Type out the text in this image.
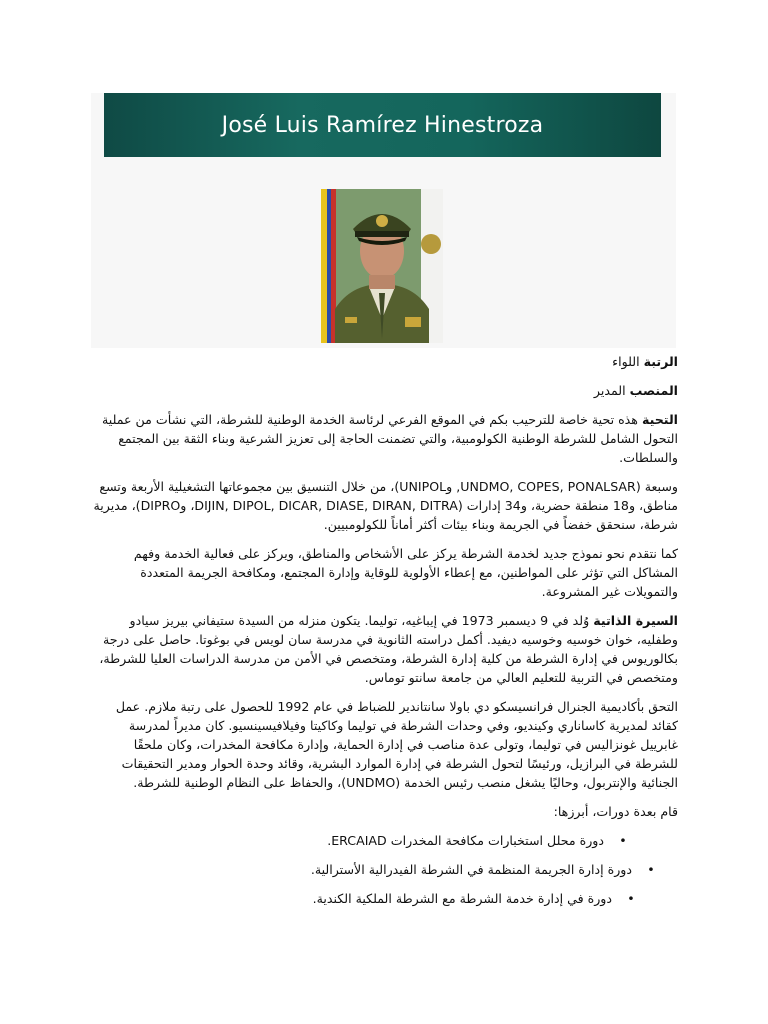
José Luis Ramírez Hinestroza

الرتبة اللواء

المنصب المدير

التحية هذه تحية خاصة للترحيب بكم في الموقع الفرعي لرئاسة الخدمة الوطنية للشرطة، التي نشأت من عملية التحول الشامل للشرطة الوطنية الكولومبية، والتي تضمنت الحاجة إلى تعزيز الشرعية وبناء الثقة بين المجتمع والسلطات.

وسبعة (UNDMO, COPES, PONALSAR, وUNIPOL)، من خلال التنسيق بين مجموعاتها التشغيلية الأربعة وتسع مناطق، و18 منطقة حضرية، و34 إدارات (DIJIN, DIPOL, DICAR, DIASE, DIRAN, DITRA، وDIPRO)، مديرية شرطة، سنحقق خفضاً في الجريمة وبناء بيئات أكثر أماناً للكولومبيين.

كما نتقدم نحو نموذج جديد لخدمة الشرطة يركز على الأشخاص والمناطق، ويركز على فعالية الخدمة وفهم المشاكل التي تؤثر على المواطنين، مع إعطاء الأولوية للوقاية وإدارة المجتمع، ومكافحة الجريمة المتعددة والتمويلات غير المشروعة.

السيرة الذاتية وُلد في 9 ديسمبر 1973 في إيباغيه، توليما. يتكون منزله من السيدة ستيفاني بيريز سيادو وطفليه، خوان خوسيه وخوسيه ديفيد. أكمل دراسته الثانوية في مدرسة سان لويس في بوغوتا. حاصل على درجة بكالوريوس في إدارة الشرطة من كلية إدارة الشرطة، ومتخصص في الأمن من مدرسة الدراسات العليا للشرطة، ومتخصص في التربية للتعليم العالي من جامعة سانتو توماس.

التحق بأكاديمية الجنرال فرانسيسكو دي باولا سانتاندير للضباط في عام 1992 للحصول على رتبة ملازم. عمل كقائد لمديرية كاساناري وكينديو، وفي وحدات الشرطة في توليما وكاكيتا وفيلافيسينسيو. كان مديراً لمدرسة غابرييل غونزاليس في توليما، وتولى عدة مناصب في إدارة الحماية، وإدارة مكافحة المخدرات، وكان ملحقًا للشرطة في البرازيل، ورئيسًا لتحول الشرطة في إدارة الموارد البشرية، وقائد وحدة الحوار ومدير التحقيقات الجنائية والإنتربول، وحاليًا يشغل منصب رئيس الخدمة (UNDMO)، والحفاظ على النظام الوطنية للشرطة.

قام بعدة دورات، أبرزها:

•دورة محلل استخبارات مكافحة المخدرات ERCAIAD.
•دورة إدارة الجريمة المنظمة في الشرطة الفيدرالية الأسترالية.
•دورة في إدارة خدمة الشرطة مع الشرطة الملكية الكندية.
